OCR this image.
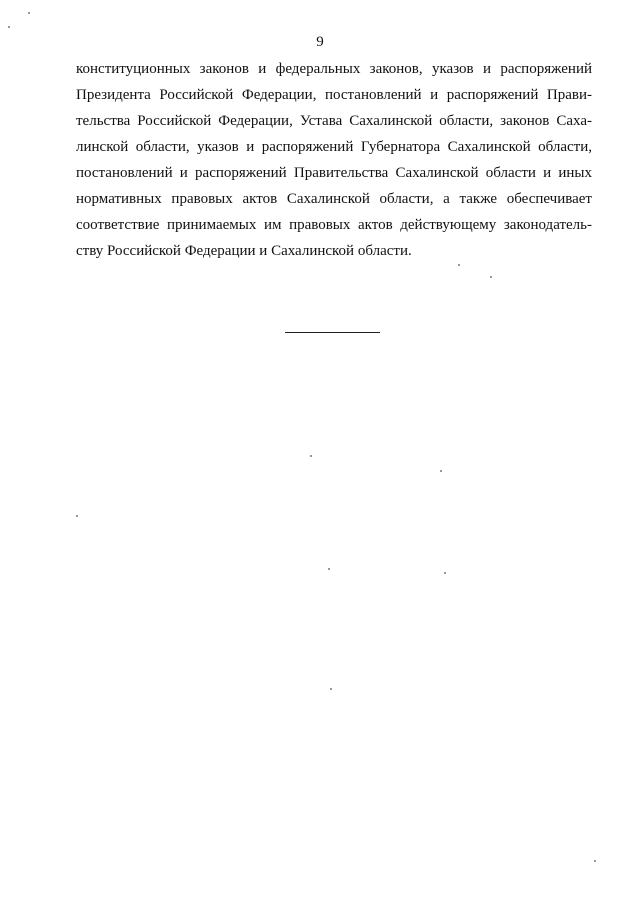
9
конституционных законов и федеральных законов, указов и распоряжений
Президента Российской Федерации, постановлений и распоряжений Прави-
тельства Российской Федерации, Устава Сахалинской области, законов Саха-
линской области, указов и распоряжений Губернатора Сахалинской области,
постановлений и распоряжений Правительства Сахалинской области и иных
нормативных правовых актов Сахалинской области, а также обеспечивает
соответствие принимаемых им правовых актов действующему законодатель-
ству Российской Федерации и Сахалинской области.
